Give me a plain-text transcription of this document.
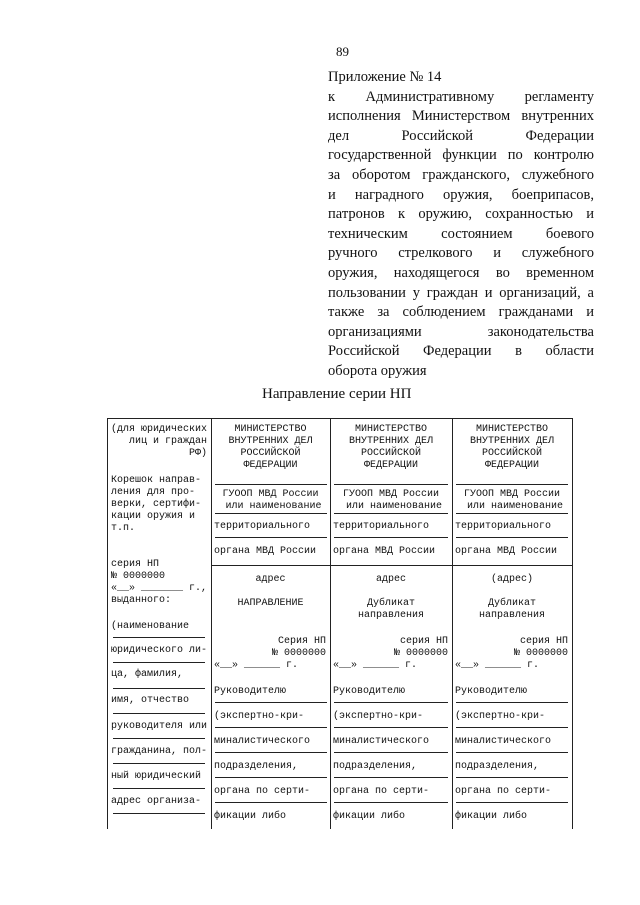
89
Приложение № 14
к Административному регламенту
исполнения Министерством внутренних
дел Российской Федерации
государственной функции по контролю
за оборотом гражданского, служебного
и наградного оружия, боеприпасов,
патронов к оружию, сохранностью и
техническим состоянием боевого
ручного стрелкового и служебного
оружия, находящегося во временном
пользовании у граждан и организаций, а
также за соблюдением гражданами и
организациями законодательства
Российской Федерации в области
оборота оружия
Направление серии НП
(для юридических
лиц и граждан
РФ)
Корешок направ-
ления для про-
верки, сертифи-
кации оружия и
т.п.
серия НП
№ 0000000
«__» _______ г.,
выданного:
(наименование
юридического ли-
ца, фамилия,
имя, отчество
руководителя или
гражданина, пол-
ный юридический
адрес организа-
МИНИСТЕРСТВО
ВНУТРЕННИХ ДЕЛ
РОССИЙСКОЙ
ФЕДЕРАЦИИ
ГУООП МВД России
или наименование
территориального
органа МВД России
адрес
НАПРАВЛЕНИЕ
Серия НП
№ 0000000
«__» ______ г.
Руководителю
(экспертно-кри-
миналистического
подразделения,
органа по серти-
фикации либо
МИНИСТЕРСТВО
ВНУТРЕННИХ ДЕЛ
РОССИЙСКОЙ
ФЕДЕРАЦИИ
ГУООП МВД России
или наименование
территориального
органа МВД России
адрес
Дубликат
направления
серия НП
№ 0000000
«__» ______ г.
Руководителю
(экспертно-кри-
миналистического
подразделения,
органа по серти-
фикации либо
МИНИСТЕРСТВО
ВНУТРЕННИХ ДЕЛ
РОССИЙСКОЙ
ФЕДЕРАЦИИ
ГУООП МВД России
или наименование
территориального
органа МВД России
(адрес)
Дубликат
направления
серия НП
№ 0000000
«__» ______ г.
Руководителю
(экспертно-кри-
миналистического
подразделения,
органа по серти-
фикации либо
